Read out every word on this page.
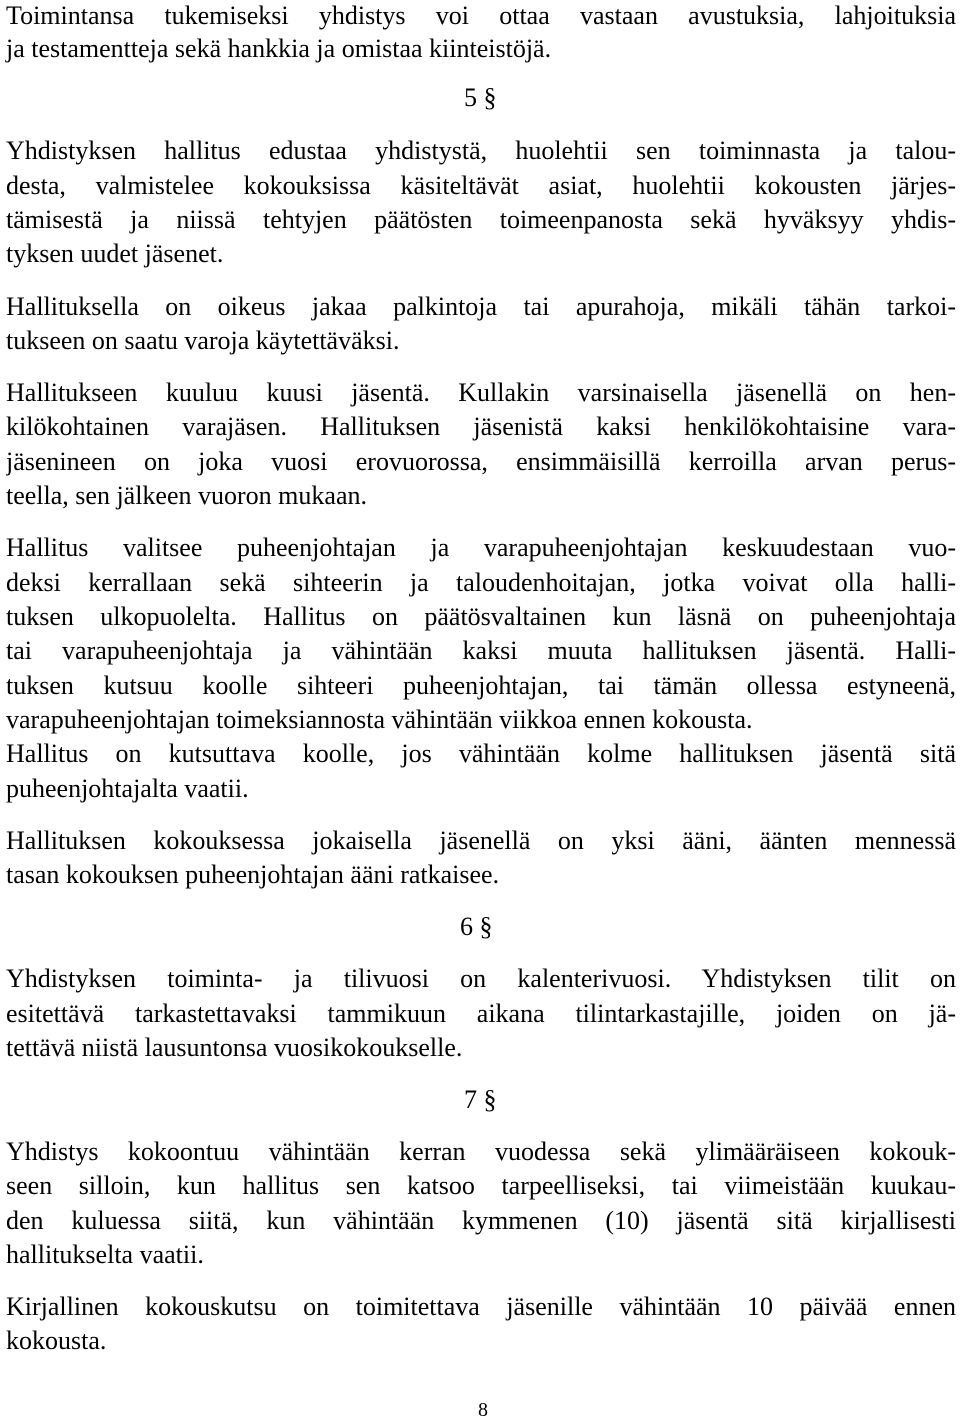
Toimintansa tukemiseksi yhdistys voi ottaa vastaan avustuksia, lahjoituksia
ja testamentteja sekä hankkia ja omistaa kiinteistöjä.
5 §
Yhdistyksen hallitus edustaa yhdistystä, huolehtii sen toiminnasta ja talou-
desta, valmistelee kokouksissa käsiteltävät asiat, huolehtii kokousten järjes-
tämisestä ja niissä tehtyjen päätösten toimeenpanosta sekä hyväksyy yhdis-
tyksen uudet jäsenet.
Hallituksella on oikeus jakaa palkintoja tai apurahoja, mikäli tähän tarkoi-
tukseen on saatu varoja käytettäväksi.
Hallitukseen kuuluu kuusi jäsentä. Kullakin varsinaisella jäsenellä on hen-
kilökohtainen varajäsen. Hallituksen jäsenistä kaksi henkilökohtaisine vara-
jäsenineen on joka vuosi erovuorossa, ensimmäisillä kerroilla arvan perus-
teella, sen jälkeen vuoron mukaan.
Hallitus valitsee puheenjohtajan ja varapuheenjohtajan keskuudestaan vuo-
deksi kerrallaan sekä sihteerin ja taloudenhoitajan, jotka voivat olla halli-
tuksen ulkopuolelta. Hallitus on päätösvaltainen kun läsnä on puheenjohtaja
tai varapuheenjohtaja ja vähintään kaksi muuta hallituksen jäsentä. Halli-
tuksen kutsuu koolle sihteeri puheenjohtajan, tai tämän ollessa estyneenä,
varapuheenjohtajan toimeksiannosta vähintään viikkoa ennen kokousta.
Hallitus on kutsuttava koolle, jos vähintään kolme hallituksen jäsentä sitä
puheenjohtajalta vaatii.
Hallituksen kokouksessa jokaisella jäsenellä on yksi ääni, äänten mennessä
tasan kokouksen puheenjohtajan ääni ratkaisee.
6 §
Yhdistyksen toiminta- ja tilivuosi on kalenterivuosi. Yhdistyksen tilit on
esitettävä tarkastettavaksi tammikuun aikana tilintarkastajille, joiden on jä-
tettävä niistä lausuntonsa vuosikokoukselle.
7 §
Yhdistys kokoontuu vähintään kerran vuodessa sekä ylimääräiseen kokouk-
seen silloin, kun hallitus sen katsoo tarpeelliseksi, tai viimeistään kuukau-
den kuluessa siitä, kun vähintään kymmenen (10) jäsentä sitä kirjallisesti
hallitukselta vaatii.
Kirjallinen kokouskutsu on toimitettava jäsenille vähintään 10 päivää ennen
kokousta.
8
